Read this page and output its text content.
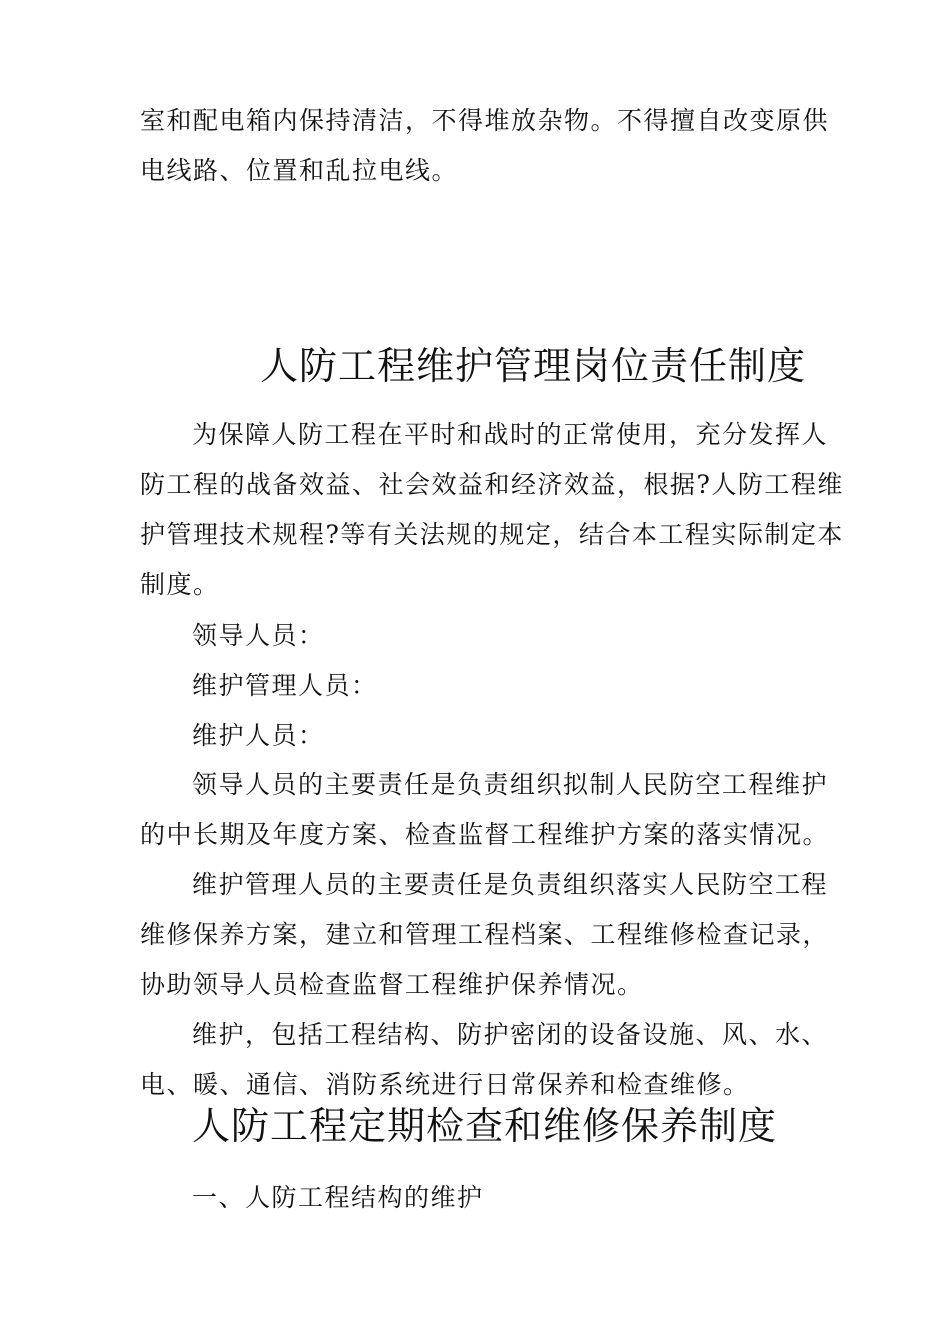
室和配电箱内保持清洁，不得堆放杂物。不得擅自改变原供
电线路、位置和乱拉电线。
人防工程维护管理岗位责任制度
为保障人防工程在平时和战时的正常使用，充分发挥人
防工程的战备效益、社会效益和经济效益，根据?人防工程维
护管理技术规程?等有关法规的规定，结合本工程实际制定本
制度。
领导人员：
维护管理人员：
维护人员：
领导人员的主要责任是负责组织拟制人民防空工程维护
的中长期及年度方案、检查监督工程维护方案的落实情况。
维护管理人员的主要责任是负责组织落实人民防空工程
维修保养方案，建立和管理工程档案、工程维修检查记录，
协助领导人员检查监督工程维护保养情况。
维护，包括工程结构、防护密闭的设备设施、风、水、
电、暖、通信、消防系统进行日常保养和检查维修。
人防工程定期检查和维修保养制度
一、人防工程结构的维护
